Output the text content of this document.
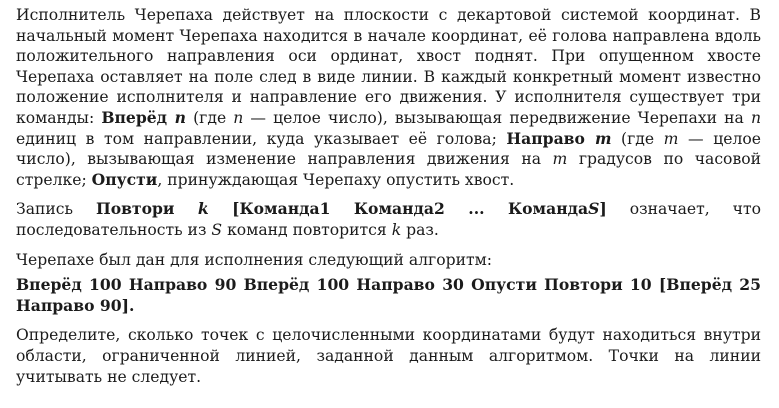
Исполнитель Черепаха действует на плоскости с декартовой системой координат. В начальный момент Черепаха находится в начале координат, её голова направлена вдоль положительного направления оси ординат, хвост поднят. При опущенном хвосте Черепаха оставляет на поле след в виде линии. В каждый конкретный момент известно положение исполнителя и направление его движения. У исполнителя существует три команды: Вперёд n (где n — целое число), вызывающая передвижение Черепахи на n единиц в том направлении, куда указывает её голова; Направо m (где m — целое число), вызывающая изменение направления движения на m градусов по часовой стрелке; Опусти, принуждающая Черепаху опустить хвост.

Запись Повтори k [Команда1 Команда2 ... КомандаS] означает, что последовательность из S команд повторится k раз.

Черепахе был дан для исполнения следующий алгоритм:

Вперёд 100 Направо 90 Вперёд 100 Направо 30 Опусти Повтори 10 [Вперёд 25 Направо 90].

Определите, сколько точек с целочисленными координатами будут находиться внутри области, ограниченной линией, заданной данным алгоритмом. Точки на линии учитывать не следует.
